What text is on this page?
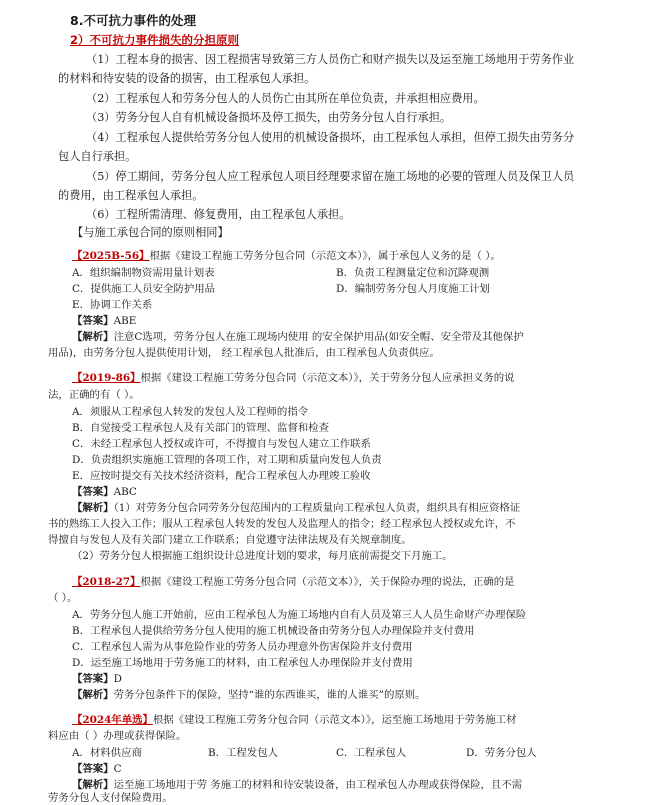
8.不可抗力事件的处理
2）不可抗力事件损失的分担原则
（1）工程本身的损害、因工程损害导致第三方人员伤亡和财产损失以及运至施工场地用于劳务作业
的材料和待安装的设备的损害，由工程承包人承担。
（2）工程承包人和劳务分包人的人员伤亡由其所在单位负责，并承担相应费用。
（3）劳务分包人自有机械设备损坏及停工损失，由劳务分包人自行承担。
（4）工程承包人提供给劳务分包人使用的机械设备损坏，由工程承包人承担，但停工损失由劳务分
包人自行承担。
（5）停工期间，劳务分包人应工程承包人项目经理要求留在施工场地的必要的管理人员及保卫人员
的费用，由工程承包人承担。
（6）工程所需清理、修复费用，由工程承包人承担。
【与施工承包合同的原则相同】
【2025B-56】根据《建设工程施工劳务分包合同（示范文本）》，属于承包人义务的是（ ）。
A．组织编制物资需用量计划表	B．负责工程测量定位和沉降观测
C．提供施工人员安全防护用品	D．编制劳务分包人月度施工计划
E．协调工作关系
【答案】ABE
【解析】注意C选项，劳务分包人在施工现场内使用 的安全保护用品(如安全帽、安全带及其他保护
用品)，由劳务分包人提供使用计划， 经工程承包人批准后，由工程承包人负责供应。
【2019-86】根据《建设工程施工劳务分包合同（示范文本）》，关于劳务分包人应承担义务的说
法，正确的有（ ）。
A．须服从工程承包人转发的发包人及工程师的指令
B．自觉接受工程承包人及有关部门的管理、监督和检查
C．未经工程承包人授权或许可，不得擅自与发包人建立工作联系
D．负责组织实施施工管理的各项工作，对工期和质量向发包人负责
E．应按时提交有关技术经济资料，配合工程承包人办理竣工验收
【答案】ABC
【解析】（1）对劳务分包合同劳务分包范围内的工程质量向工程承包人负责，组织具有相应资格证
书的熟练工人投入工作；服从工程承包人转发的发包人及监理人的指令；经工程承包人授权或允许，不
得擅自与发包人及有关部门建立工作联系；自觉遵守法律法规及有关规章制度。
（2）劳务分包人根据施工组织设计总进度计划的要求，每月底前需提交下月施工。
【2018-27】根据《建设工程施工劳务分包合同（示范文本）》，关于保险办理的说法，正确的是
（ ）。
A．劳务分包人施工开始前，应由工程承包人为施工场地内自有人员及第三人人员生命财产办理保险
B．工程承包人提供给劳务分包人使用的施工机械设备由劳务分包人办理保险并支付费用
C．工程承包人需为从事危险作业的劳务人员办理意外伤害保险并支付费用
D．运至施工场地用于劳务施工的材料，由工程承包人办理保险并支付费用
【答案】D
【解析】劳务分包条件下的保险，坚持“谁的东西谁买，谁的人谁买”的原则。
【2024年单选】根据《建设工程施工劳务分包合同（示范文本）》，运至施工场地用于劳务施工材
料应由（ ）办理或获得保险。
A．材料供应商	B．工程发包人	C．工程承包人	D．劳务分包人
【答案】C
【解析】运至施工场地用于劳 务施工的材料和待安装设备，由工程承包人办理或获得保险，且不需
劳务分包人支付保险费用。
